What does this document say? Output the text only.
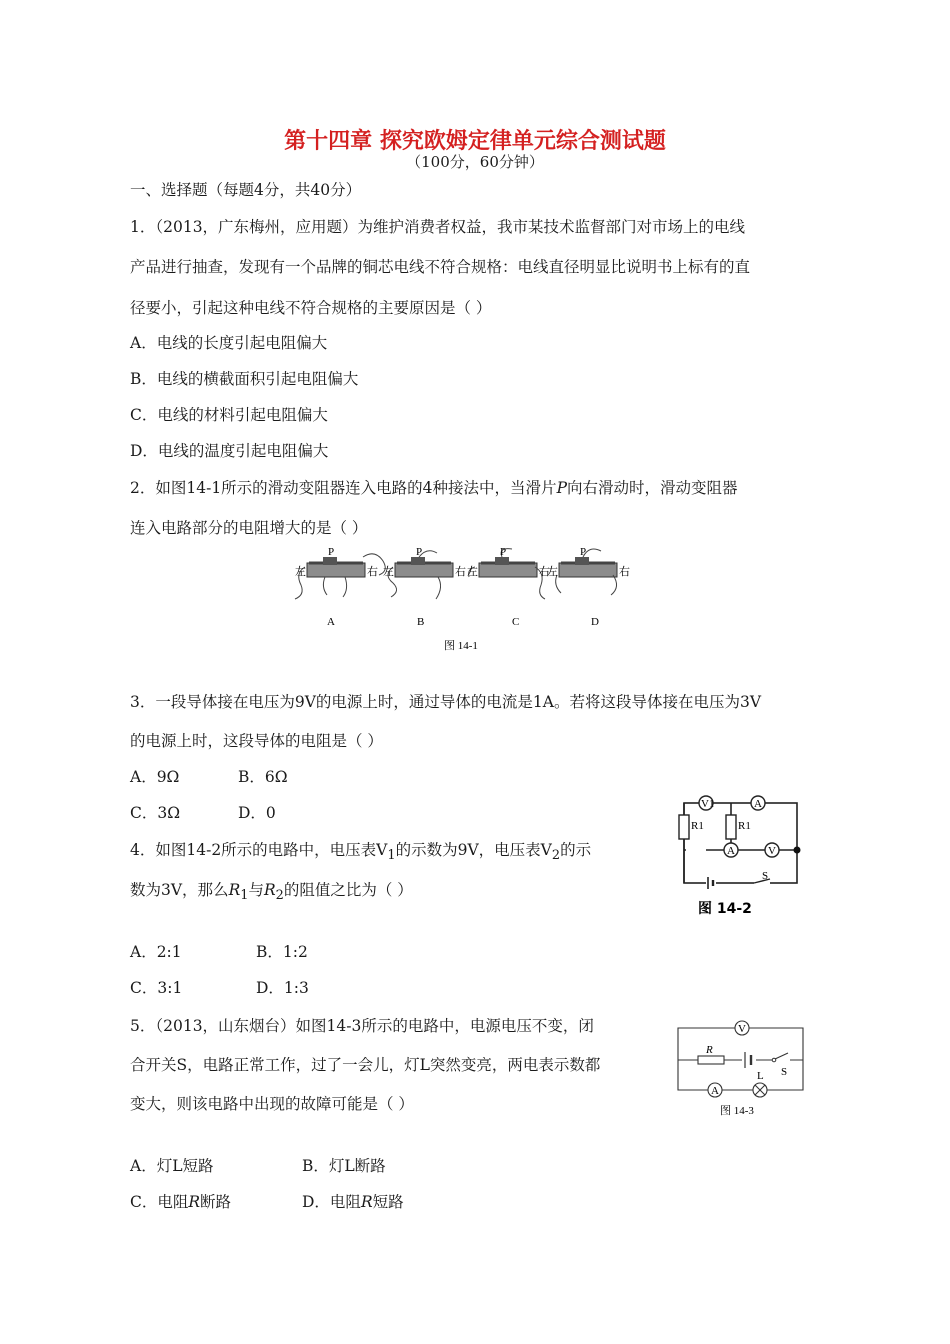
第十四章 探究欧姆定律单元综合测试题
（100分，60分钟）
一、选择题（每题4分，共40分）
1．（2013，广东梅州，应用题）为维护消费者权益，我市某技术监督部门对市场上的电线
产品进行抽查，发现有一个品牌的铜芯电线不符合规格：电线直径明显比说明书上标有的直
径要小，引起这种电线不符合规格的主要原因是（ ）
A．电线的长度引起电阻偏大
B．电线的横截面积引起电阻偏大
C．电线的材料引起电阻偏大
D．电线的温度引起电阻偏大
2．如图14-1所示的滑动变阻器连入电路的4种接法中，当滑片P向右滑动时，滑动变阻器
连入电路部分的电阻增大的是（ ）
P
左	右
P
左	右
P
左	右
P
左	右
A	B	C	D
图 14-1
3．一段导体接在电压为9V的电源上时，通过导体的电流是1A。若将这段导体接在电压为3V
的电源上时，这段导体的电阻是（ ）
A．9Ω	B．6Ω
C．3Ω	D．0
4．如图14-2所示的电路中，电压表$V_1$的示数为9V，电压表$V_2$的示
数为3V，那么$R_1$与$R_2$的阻值之比为（ ）
A．2:1	B．1:2
C．3:1	D．1:3
R1	R1
V1	A
A	V
S
图 14-2
5．（2013，山东烟台）如图14-3所示的电路中，电源电压不变，闭
合开关S，电路正常工作，过了一会儿，灯L突然变亮，两电表示数都
变大，则该电路中出现的故障可能是（ ）
A．灯L短路	B．灯L断路
C．电阻R断路	D．电阻R短路
V
R
S
A
L
图 14-3
